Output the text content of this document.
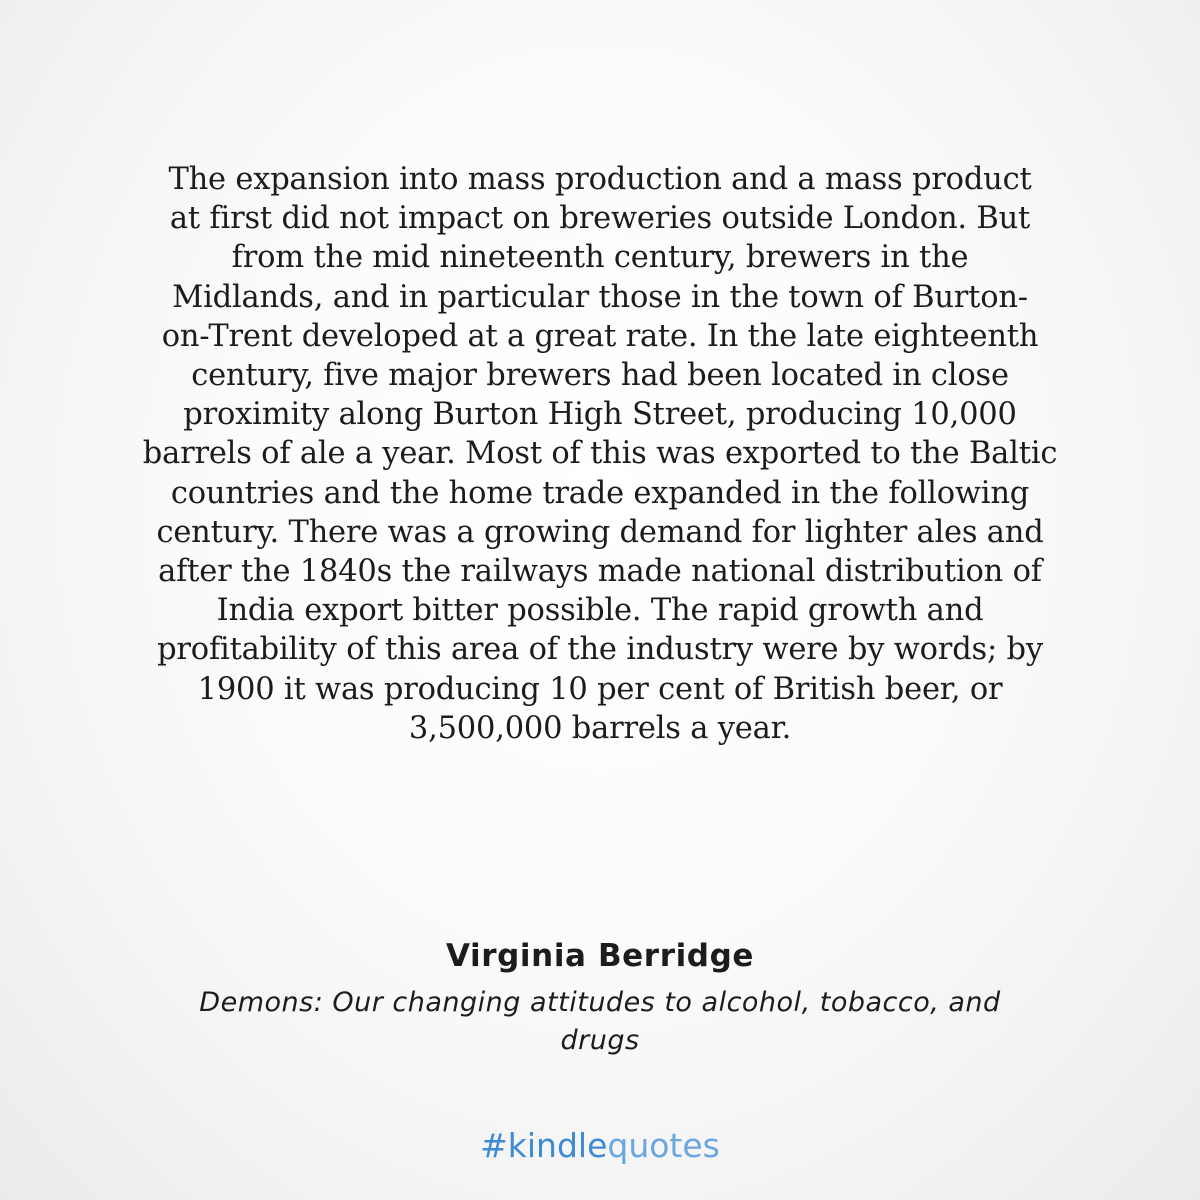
The expansion into mass production and a mass product
at first did not impact on breweries outside London. But
from the mid nineteenth century, brewers in the
Midlands, and in particular those in the town of Burton-
on-Trent developed at a great rate. In the late eighteenth
century, five major brewers had been located in close
proximity along Burton High Street, producing 10,000
barrels of ale a year. Most of this was exported to the Baltic
countries and the home trade expanded in the following
century. There was a growing demand for lighter ales and
after the 1840s the railways made national distribution of
India export bitter possible. The rapid growth and
profitability of this area of the industry were by words; by
1900 it was producing 10 per cent of British beer, or
3,500,000 barrels a year.

Virginia Berridge

Demons: Our changing attitudes to alcohol, tobacco, and
drugs

#kindlequotes
